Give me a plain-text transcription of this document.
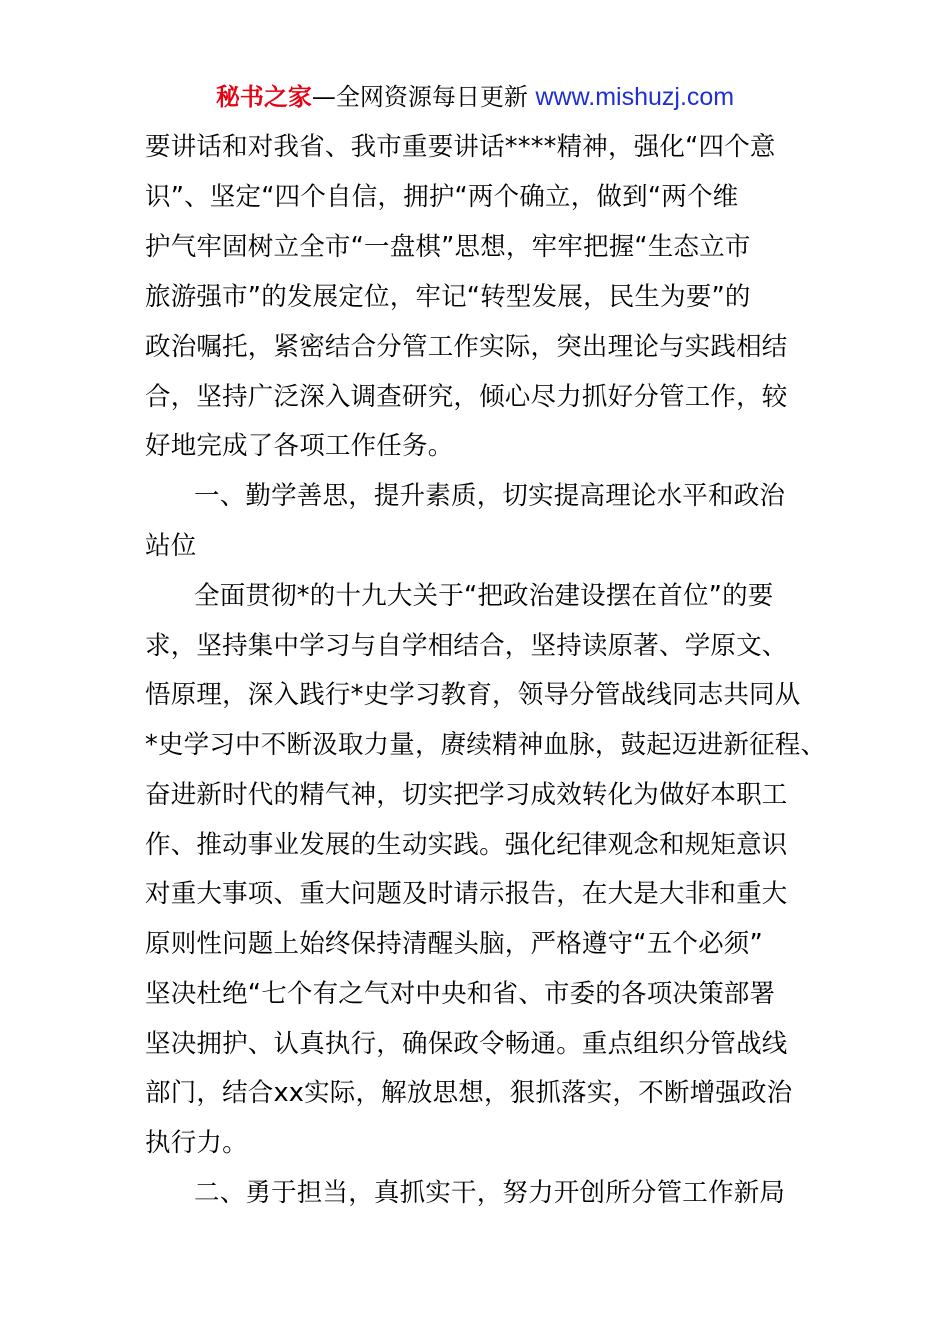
秘书之家—全网资源每日更新 www.mishuzj.com
要讲话和对我省、我市重要讲话****精神，强化“四个意
识”、坚定“四个自信，拥护“两个确立，做到“两个维
护气牢固树立全市“一盘棋”思想，牢牢把握“生态立市
旅游强市”的发展定位，牢记“转型发展，民生为要”的
政治嘱托，紧密结合分管工作实际，突出理论与实践相结
合，坚持广泛深入调查研究，倾心尽力抓好分管工作，较
好地完成了各项工作任务。
一、勤学善思，提升素质，切实提高理论水平和政治
站位
全面贯彻*的十九大关于“把政治建设摆在首位”的要
求，坚持集中学习与自学相结合，坚持读原著、学原文、
悟原理，深入践行*史学习教育，领导分管战线同志共同从
*史学习中不断汲取力量，赓续精神血脉，鼓起迈进新征程、
奋进新时代的精气神，切实把学习成效转化为做好本职工
作、推动事业发展的生动实践。强化纪律观念和规矩意识
对重大事项、重大问题及时请示报告，在大是大非和重大
原则性问题上始终保持清醒头脑，严格遵守“五个必须”
坚决杜绝“七个有之气对中央和省、市委的各项决策部署
坚决拥护、认真执行，确保政令畅通。重点组织分管战线
部门，结合xx实际，解放思想，狠抓落实，不断增强政治
执行力。
二、勇于担当，真抓实干，努力开创所分管工作新局
